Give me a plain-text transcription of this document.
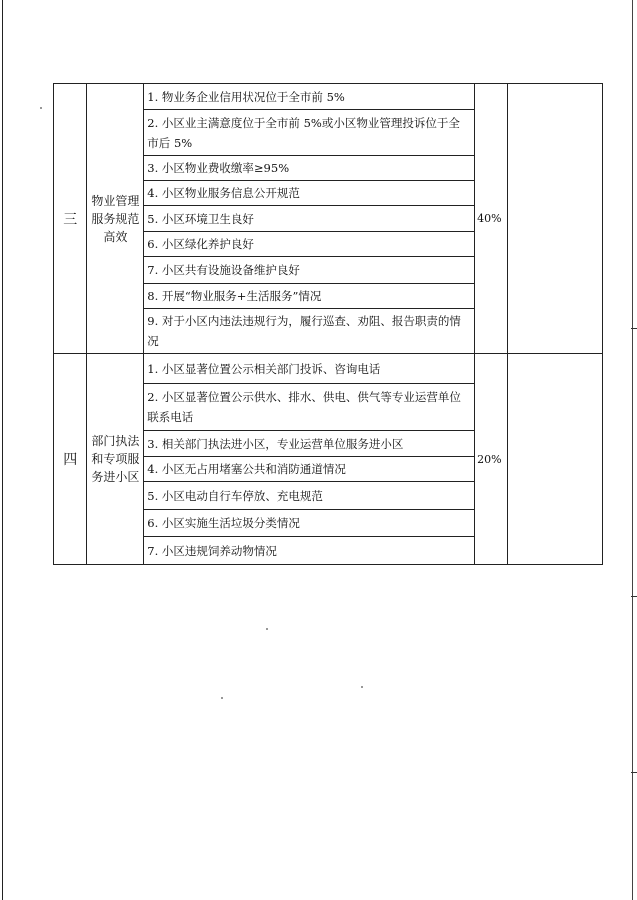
三	物业管理服务规范高效	1. 物业务企业信用状况位于全市前 5%	40%	
		2. 小区业主满意度位于全市前 5%或小区物业管理投诉位于全市后 5%		
		3. 小区物业费收缴率≥95%		
		4. 小区物业服务信息公开规范		
		5. 小区环境卫生良好		
		6. 小区绿化养护良好		
		7. 小区共有设施设备维护良好		
		8. 开展“物业服务+生活服务”情况		
		9. 对于小区内违法违规行为，履行巡查、劝阻、报告职责的情况		
四	部门执法和专项服务进小区	1. 小区显著位置公示相关部门投诉、咨询电话	20%	
		2. 小区显著位置公示供水、排水、供电、供气等专业运营单位联系电话		
		3. 相关部门执法进小区，专业运营单位服务进小区		
		4. 小区无占用堵塞公共和消防通道情况		
		5. 小区电动自行车停放、充电规范		
		6. 小区实施生活垃圾分类情况		
		7. 小区违规饲养动物情况		
